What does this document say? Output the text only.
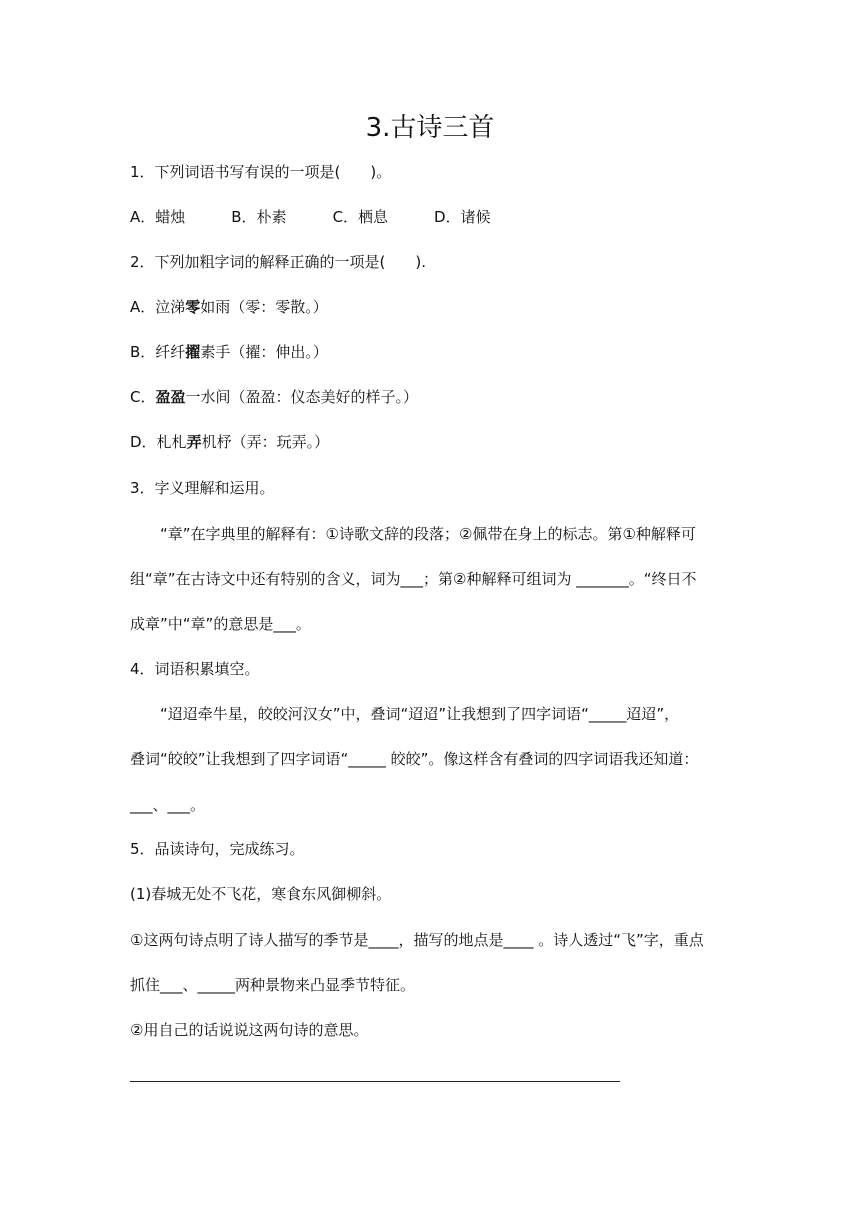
3.古诗三首
1．下列词语书写有误的一项是(　　)。
A．蜡烛	B．朴素	C．栖息	D．诸候
2．下列加粗字词的解释正确的一项是(　　).
A．泣涕零如雨（零：零散。）
B．纤纤擢素手（擢：伸出。）
C．盈盈一水间（盈盈：仪态美好的样子。）
D．札札弄机杼（弄：玩弄。）
3．字义理解和运用。
　　“章”在字典里的解释有：①诗歌文辞的段落；②佩带在身上的标志。第①种解释可
组“章”在古诗文中还有特别的含义，词为___；第②种解释可组词为 _______。“终日不
成章”中“章”的意思是___。
4．词语积累填空。
　　“迢迢牵牛星，皎皎河汉女”中，叠词“迢迢”让我想到了四字词语“_____迢迢”，
叠词“皎皎”让我想到了四字词语“_____ 皎皎”。像这样含有叠词的四字词语我还知道：
___、___。
5．品读诗句，完成练习。
(1)春城无处不飞花，寒食东风御柳斜。
①这两句诗点明了诗人描写的季节是____，描写的地点是____ 。诗人透过“飞”字，重点
抓住___、_____两种景物来凸显季节特征。
②用自己的话说说这两句诗的意思。
